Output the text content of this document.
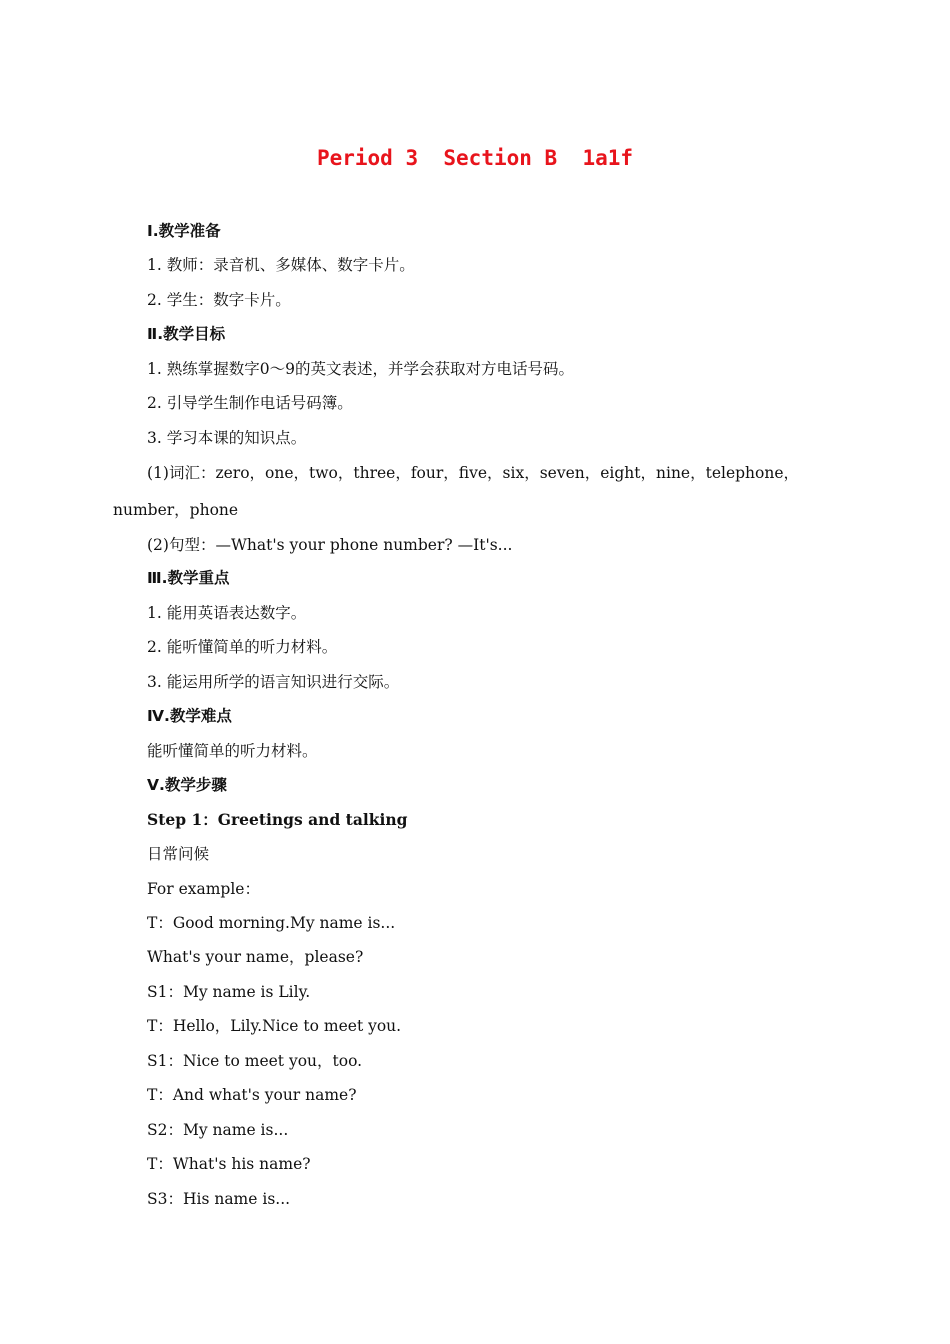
Period 3  Section B  1a1f

Ⅰ.教学准备

1. 教师：录音机、多媒体、数字卡片。

2. 学生：数字卡片。

Ⅱ.教学目标

1. 熟练掌握数字0～9的英文表述，并学会获取对方电话号码。

2. 引导学生制作电话号码簿。

3. 学习本课的知识点。

(1)词汇：zero，one，two，three，four，five，six，seven，eight，nine，telephone，

number，phone

(2)句型：—What's your phone number? —It's...

Ⅲ.教学重点

1. 能用英语表达数字。

2. 能听懂简单的听力材料。

3. 能运用所学的语言知识进行交际。

Ⅳ.教学难点

能听懂简单的听力材料。

Ⅴ.教学步骤

Step 1：Greetings and talking

日常问候

For example：

T：Good morning.My name is...

What's your name，please?

S1：My name is Lily.

T：Hello，Lily.Nice to meet you.

S1：Nice to meet you，too.

T：And what's your name?

S2：My name is...

T：What's his name?

S3：His name is...
